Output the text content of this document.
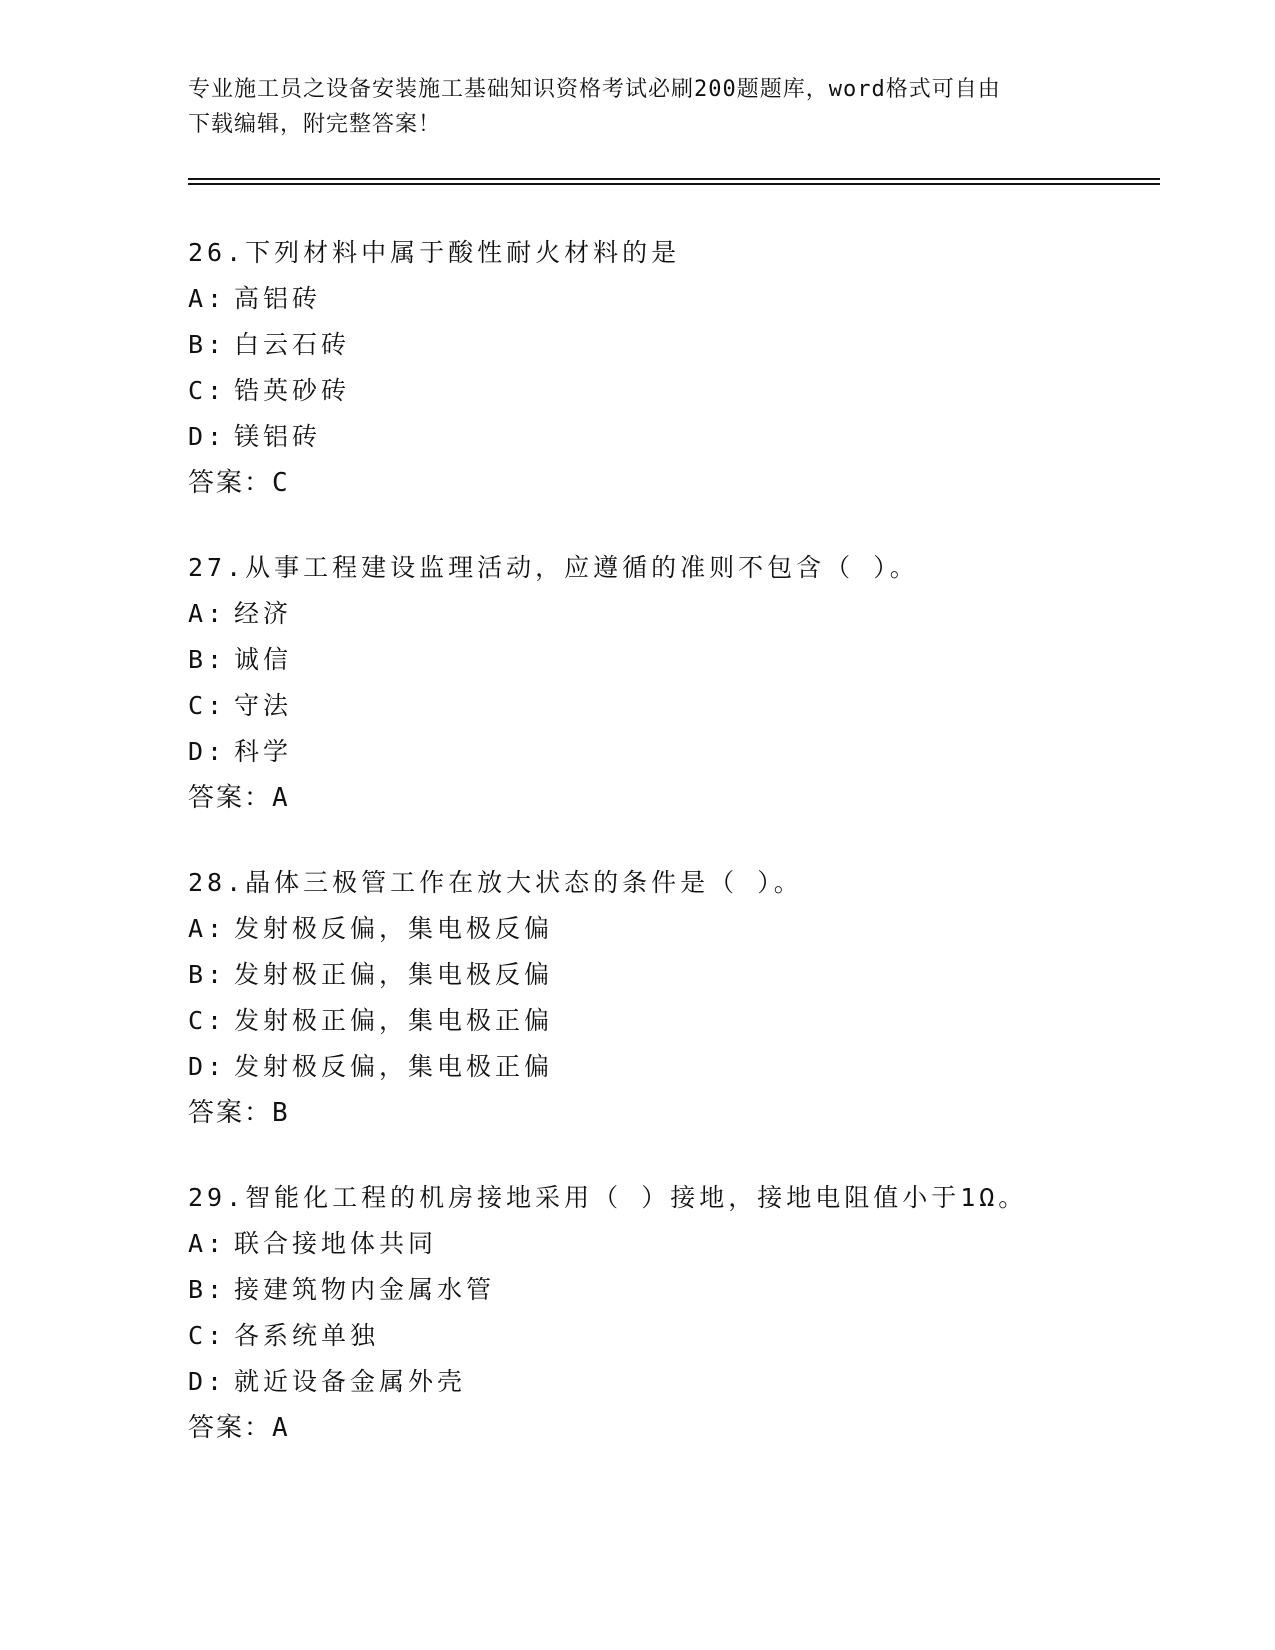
专业施工员之设备安装施工基础知识资格考试必刷200题题库，word格式可自由
下载编辑，附完整答案！
26.下列材料中属于酸性耐火材料的是
A: 高铝砖
B: 白云石砖
C: 锆英砂砖
D: 镁铝砖
答案：C
27.从事工程建设监理活动，应遵循的准则不包含（ ）。
A: 经济
B: 诚信
C: 守法
D: 科学
答案：A
28.晶体三极管工作在放大状态的条件是（ ）。
A: 发射极反偏，集电极反偏
B: 发射极正偏，集电极反偏
C: 发射极正偏，集电极正偏
D: 发射极反偏，集电极正偏
答案：B
29.智能化工程的机房接地采用（ ）接地，接地电阻值小于1Ω。
A: 联合接地体共同
B: 接建筑物内金属水管
C: 各系统单独
D: 就近设备金属外壳
答案：A
